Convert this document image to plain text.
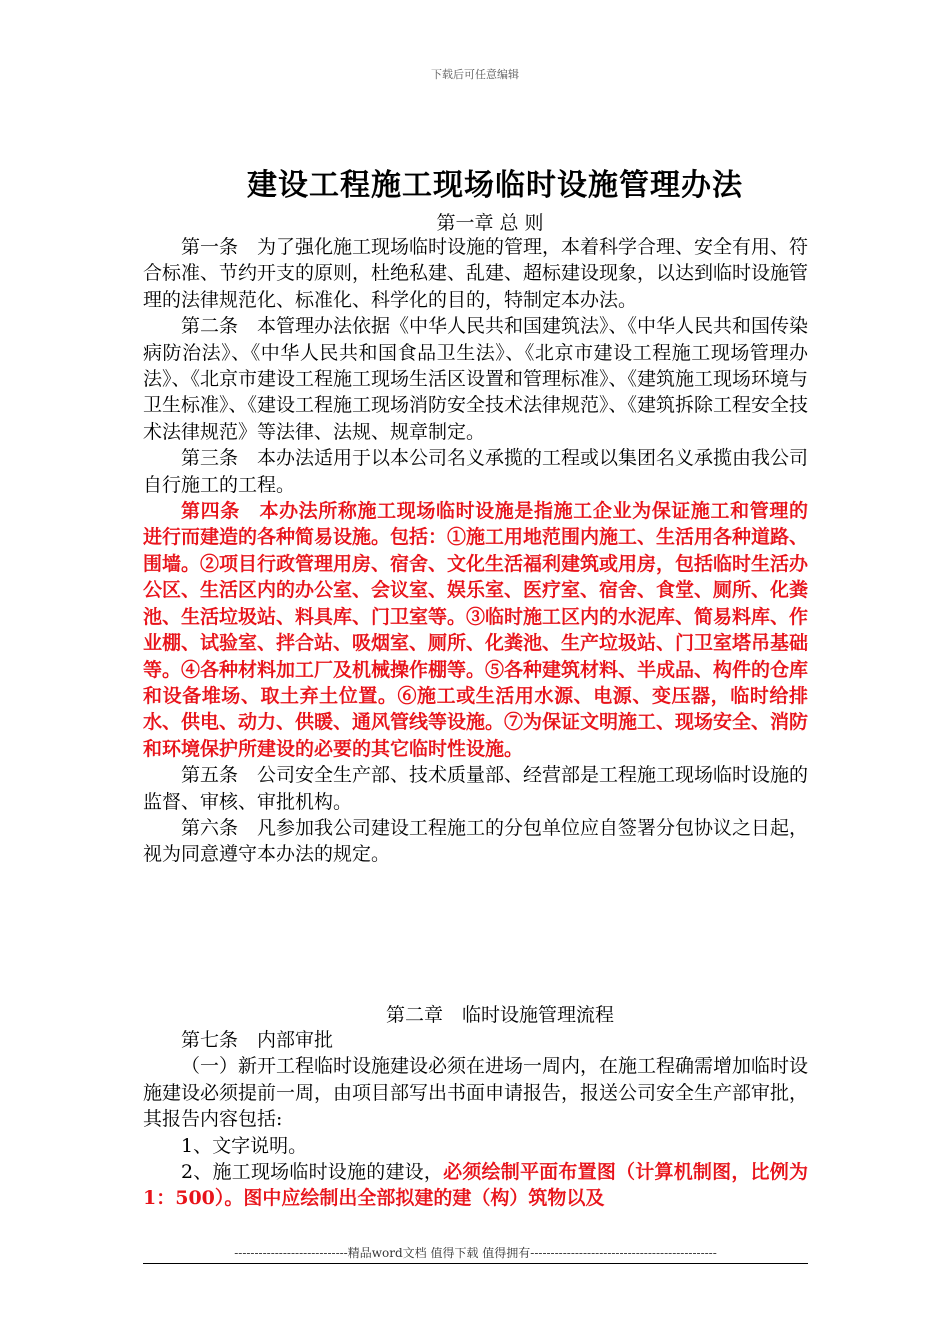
下载后可任意编辑
建设工程施工现场临时设施管理办法
第一章 总 则

第一条　为了强化施工现场临时设施的管理，本着科学合理、安全有用、符合标准、节约开支的原则，杜绝私建、乱建、超标建设现象，以达到临时设施管理的法律规范化、标准化、科学化的目的，特制定本办法。

第二条　本管理办法依据《中华人民共和国建筑法》、《中华人民共和国传染病防治法》、《中华人民共和国食品卫生法》、《北京市建设工程施工现场管理办法》、《北京市建设工程施工现场生活区设置和管理标准》、《建筑施工现场环境与卫生标准》、《建设工程施工现场消防安全技术法律规范》、《建筑拆除工程安全技术法律规范》等法律、法规、规章制定。

第三条　本办法适用于以本公司名义承揽的工程或以集团名义承揽由我公司自行施工的工程。

第四条　本办法所称施工现场临时设施是指施工企业为保证施工和管理的进行而建造的各种简易设施。包括：①施工用地范围内施工、生活用各种道路、围墙。②项目行政管理用房、宿舍、文化生活福利建筑或用房，包括临时生活办公区、生活区内的办公室、会议室、娱乐室、医疗室、宿舍、食堂、厕所、化粪池、生活垃圾站、料具库、门卫室等。③临时施工区内的水泥库、简易料库、作业棚、试验室、拌合站、吸烟室、厕所、化粪池、生产垃圾站、门卫室塔吊基础等。④各种材料加工厂及机械操作棚等。⑤各种建筑材料、半成品、构件的仓库和设备堆场、取土弃土位置。⑥施工或生活用水源、电源、变压器，临时给排水、供电、动力、供暖、通风管线等设施。⑦为保证文明施工、现场安全、消防和环境保护所建设的必要的其它临时性设施。

第五条　公司安全生产部、技术质量部、经营部是工程施工现场临时设施的监督、审核、审批机构。

第六条　凡参加我公司建设工程施工的分包单位应自签署分包协议之日起，视为同意遵守本办法的规定。

第二章　临时设施管理流程

第七条　内部审批

（一）新开工程临时设施建设必须在进场一周内，在施工程确需增加临时设施建设必须提前一周，由项目部写出书面申请报告，报送公司安全生产部审批，其报告内容包括:

1、文字说明。

2、施工现场临时设施的建设，必须绘制平面布置图（计算机制图，比例为1：500）。图中应绘制出全部拟建的建（构）筑物以及

----------------------------精品word文档 值得下载 值得拥有----------------------------------------------
